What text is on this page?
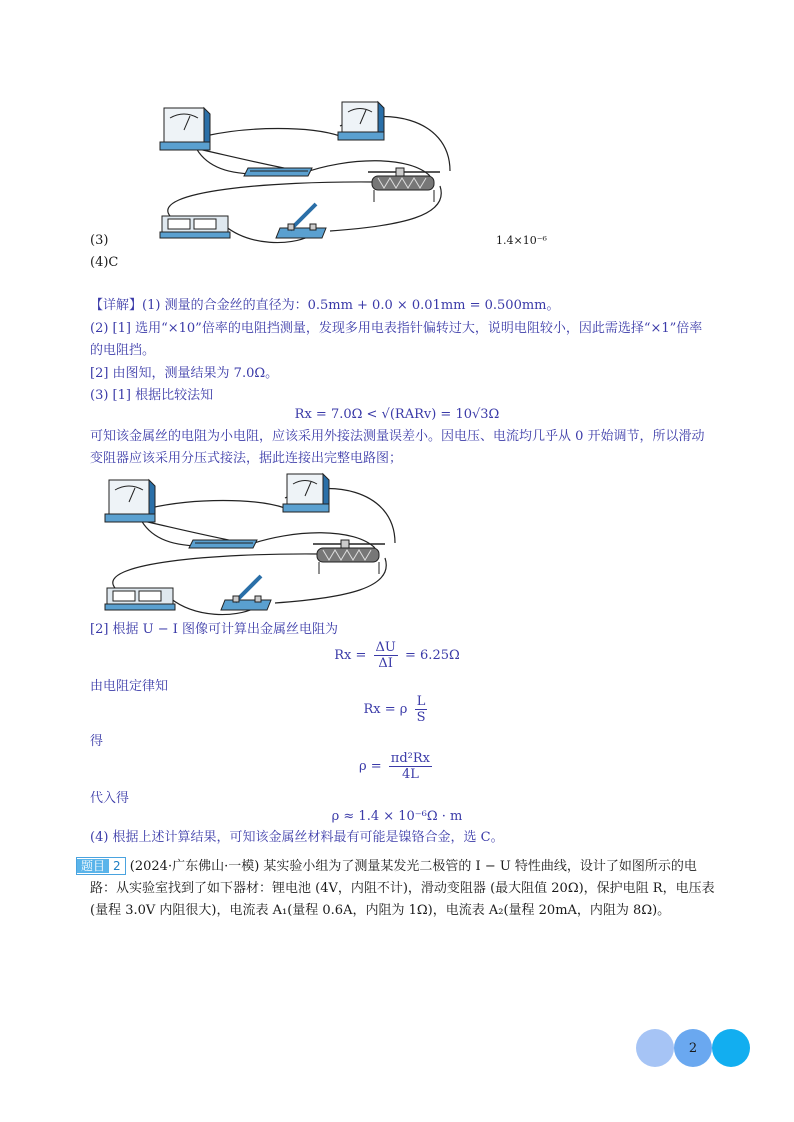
(3)	1.4×10⁻⁶
(4)C
【详解】(1) 测量的合金丝的直径为：0.5mm + 0.0 × 0.01mm = 0.500mm。
(2) [1] 选用“×10”倍率的电阻挡测量，发现多用电表指针偏转过大，说明电阻较小，因此需选择“×1”倍率
的电阻挡。
[2] 由图知，测量结果为 7.0Ω。
(3) [1] 根据比较法知
Rx = 7.0Ω < √(RARv) = 10√3Ω
可知该金属丝的电阻为小电阻，应该采用外接法测量误差小。因电压、电流均几乎从 0 开始调节，所以滑动
变阻器应该采用分压式接法，据此连接出完整电路图；
[2] 根据 U − I 图像可计算出金属丝电阻为
$Rx = \frac{\Delta U}{\Delta I} = 6.25\Omega$
由电阻定律知
Rx = ρ $\frac{L}{S}$
得
$\rho = \frac{\text{πd²Rx}}{4L}$
代入得
ρ ≈ 1.4 × 10⁻⁶Ω · m
(4) 根据上述计算结果，可知该金属丝材料最有可能是镍铬合金，选 C。
题目 2 (2024·广东佛山·一模) 某实验小组为了测量某发光二极管的 I − U 特性曲线，设计了如图所示的电
路：从实验室找到了如下器材：锂电池 (4V，内阻不计)，滑动变阻器 (最大阻值 20Ω)，保护电阻 R，电压表
(量程 3.0V 内阻很大)，电流表 A₁(量程 0.6A，内阻为 1Ω)，电流表 A₂(量程 20mA，内阻为 8Ω)。
2
